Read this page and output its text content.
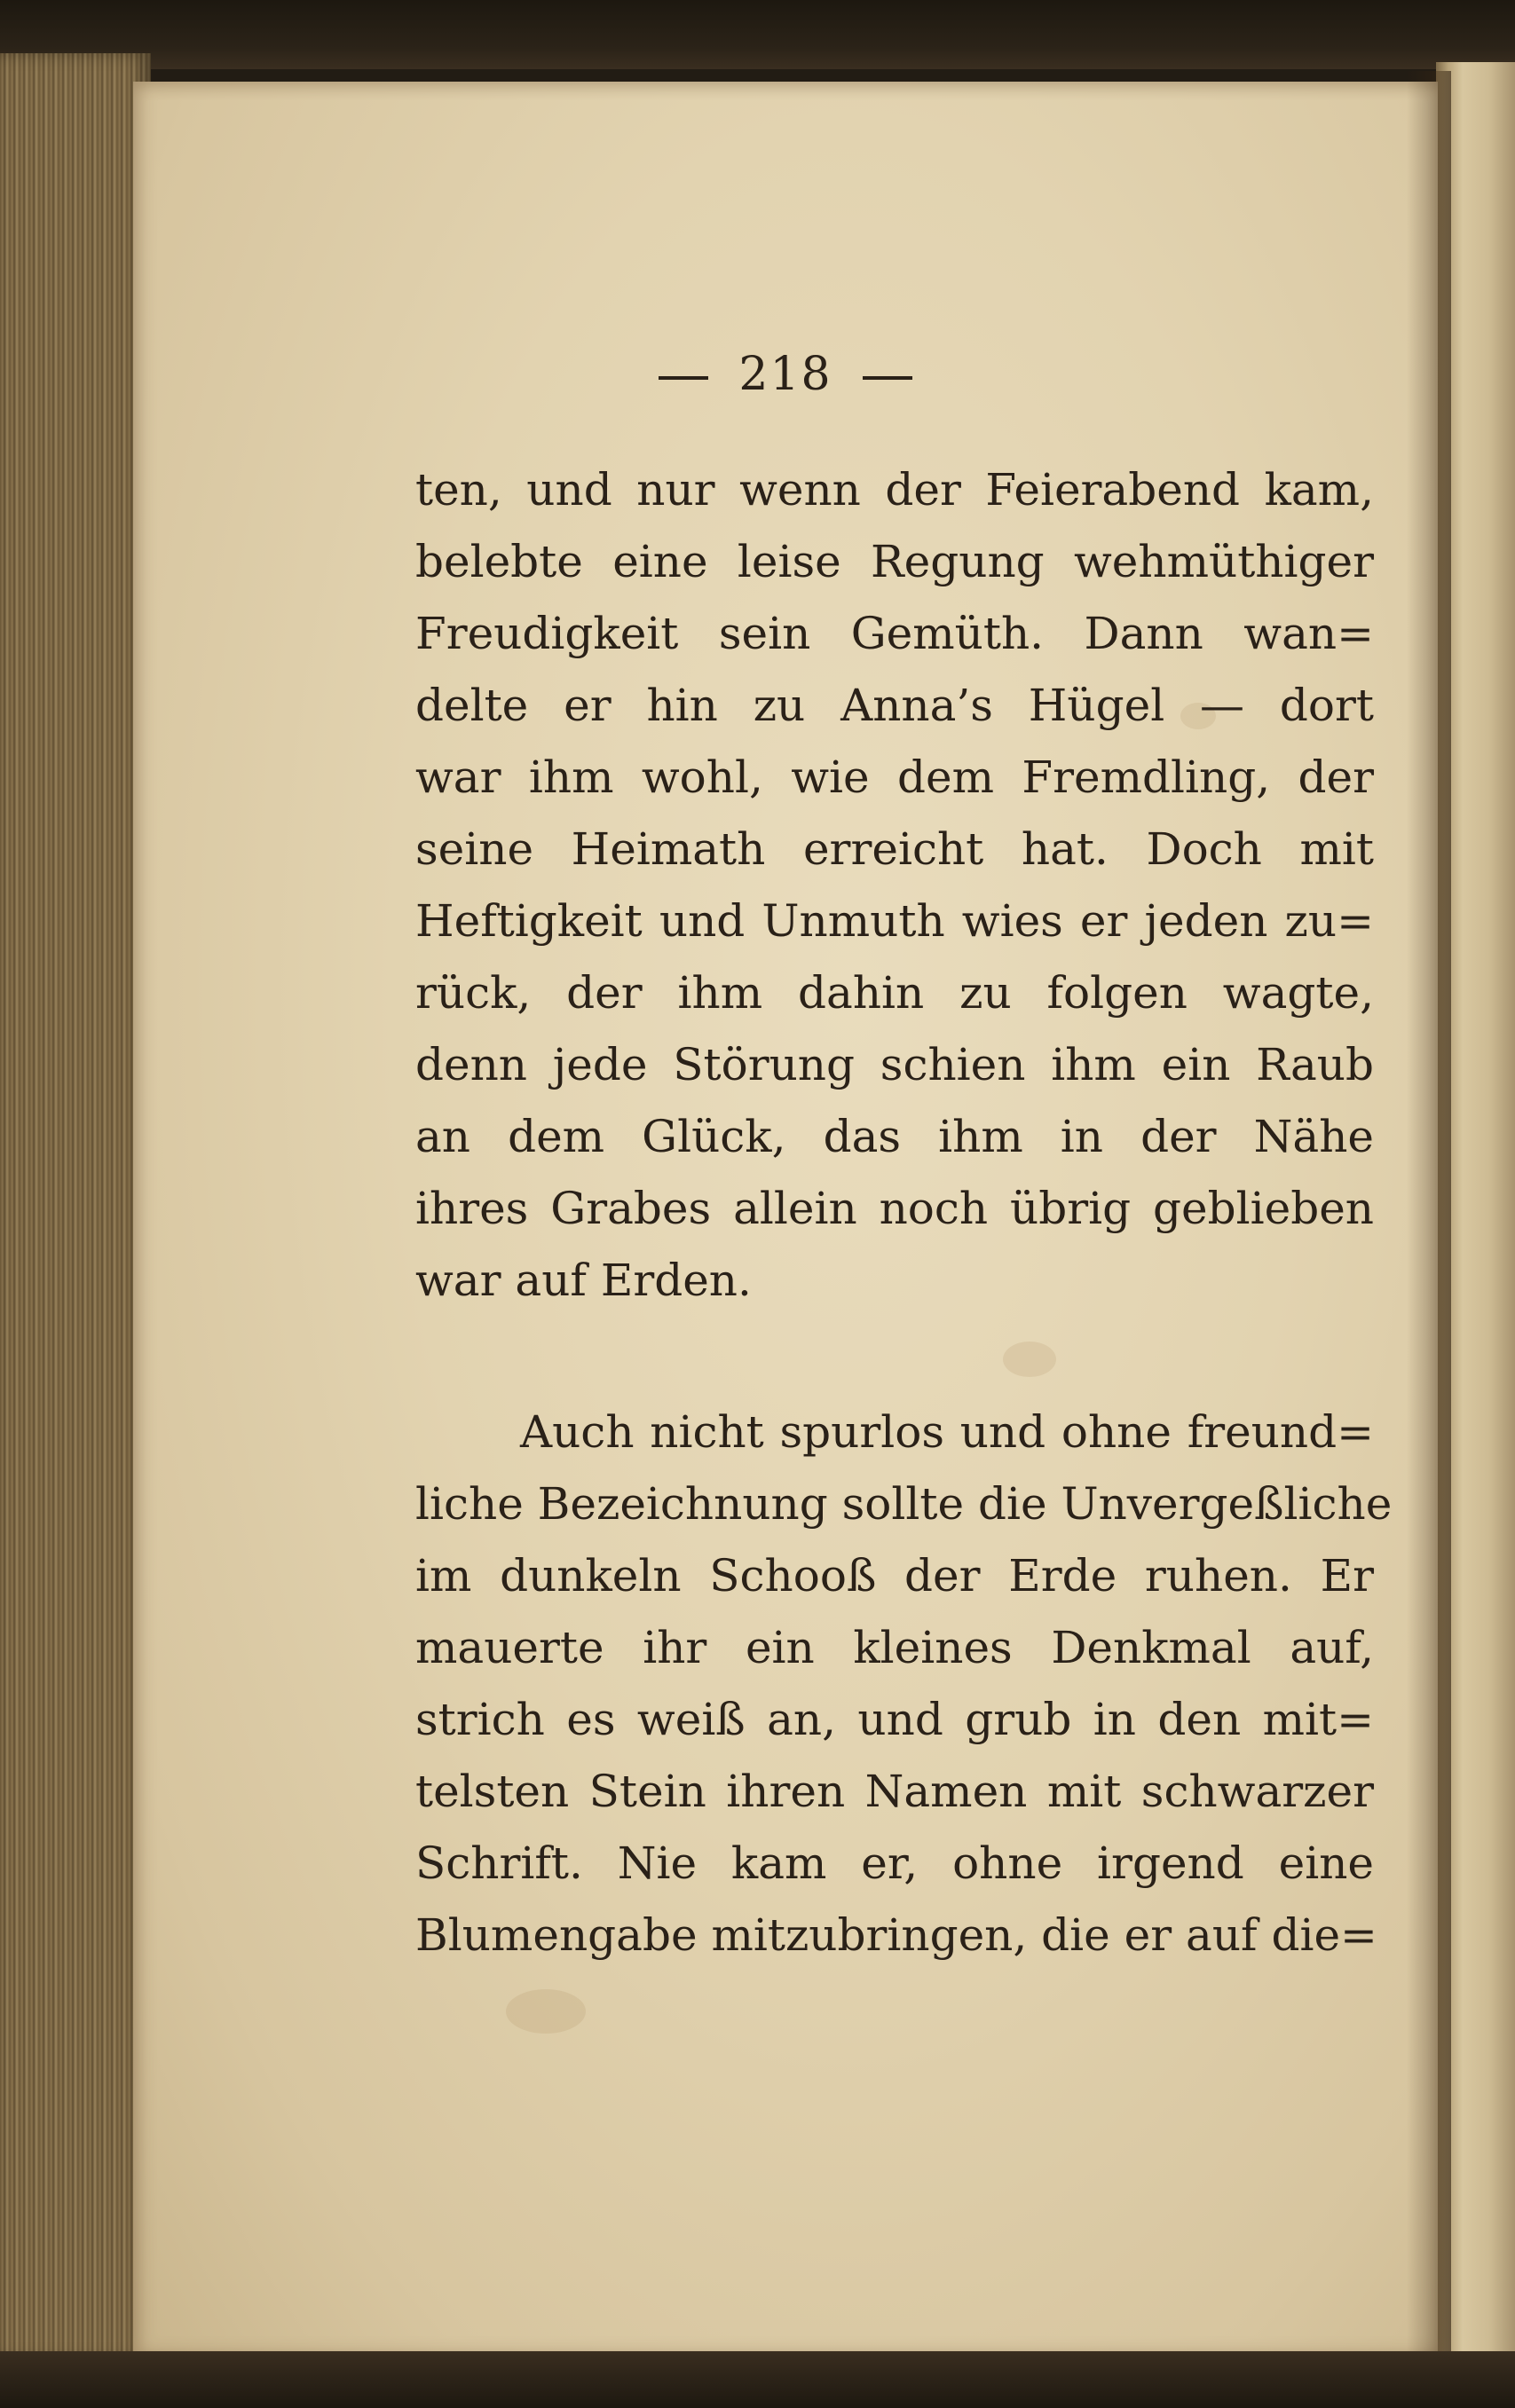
218
ten, und nur wenn der Feierabend kam,
belebte eine leise Regung wehmüthiger
Freudigkeit sein Gemüth. Dann wan=
delte er hin zu Anna’s Hügel — dort
war ihm wohl, wie dem Fremdling, der
seine Heimath erreicht hat. Doch mit
Heftigkeit und Unmuth wies er jeden zu=
rück, der ihm dahin zu folgen wagte,
denn jede Störung schien ihm ein Raub
an dem Glück, das ihm in der Nähe
ihres Grabes allein noch übrig geblieben
war auf Erden.
Auch nicht spurlos und ohne freund=
liche Bezeichnung sollte die Unvergeßliche
im dunkeln Schooß der Erde ruhen. Er
mauerte ihr ein kleines Denkmal auf,
strich es weiß an, und grub in den mit=
telsten Stein ihren Namen mit schwarzer
Schrift. Nie kam er, ohne irgend eine
Blumengabe mitzubringen, die er auf die=
